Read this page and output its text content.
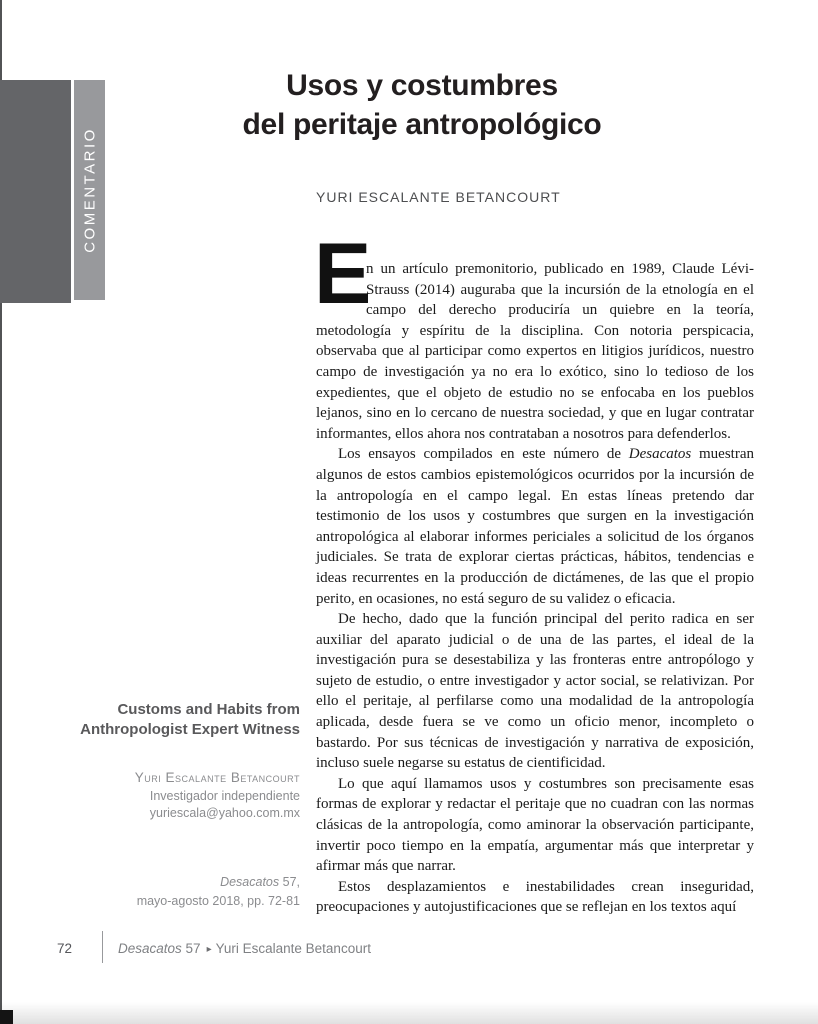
COMENTARIO
Usos y costumbres
del peritaje antropológico
YURI ESCALANTE BETANCOURT

E
n un artículo premonitorio, publicado en 1989, Claude Lévi-Strauss (2014) auguraba que la incursión de la etnología en el campo del derecho produciría un quiebre en la teoría, metodología y espíritu de la disciplina. Con notoria perspicacia, observaba que al participar como expertos en litigios jurídicos, nuestro campo de investigación ya no era lo exótico, sino lo tedioso de los expedientes, que el objeto de estudio no se enfocaba en los pueblos lejanos, sino en lo cercano de nuestra sociedad, y que en lugar contratar informantes, ellos ahora nos contrataban a nosotros para defenderlos.

Los ensayos compilados en este número de Desacatos muestran algunos de estos cambios epistemológicos ocurridos por la incursión de la antropología en el campo legal. En estas líneas pretendo dar testimonio de los usos y costumbres que surgen en la investigación antropológica al elaborar informes periciales a solicitud de los órganos judiciales. Se trata de explorar ciertas prácticas, hábitos, tendencias e ideas recurrentes en la producción de dictámenes, de las que el propio perito, en ocasiones, no está seguro de su validez o eficacia.

De hecho, dado que la función principal del perito radica en ser auxiliar del aparato judicial o de una de las partes, el ideal de la investigación pura se desestabiliza y las fronteras entre antropólogo y sujeto de estudio, o entre investigador y actor social, se relativizan. Por ello el peritaje, al perfilarse como una modalidad de la antropología aplicada, desde fuera se ve como un oficio menor, incompleto o bastardo. Por sus técnicas de investigación y narrativa de exposición, incluso suele negarse su estatus de cientificidad.

Lo que aquí llamamos usos y costumbres son precisamente esas formas de explorar y redactar el peritaje que no cuadran con las normas clásicas de la antropología, como aminorar la observación participante, invertir poco tiempo en la empatía, argumentar más que interpretar y afirmar más que narrar.

Estos desplazamientos e inestabilidades crean inseguridad, preocupaciones y autojustificaciones que se reflejan en los textos aquí

Customs and Habits from
Anthropologist Expert Witness
Yuri Escalante Betancourt
Investigador independiente
yuriescala@yahoo.com.mx
Desacatos 57,
mayo-agosto 2018, pp. 72-81
72	Desacatos 57 ▸ Yuri Escalante Betancourt
